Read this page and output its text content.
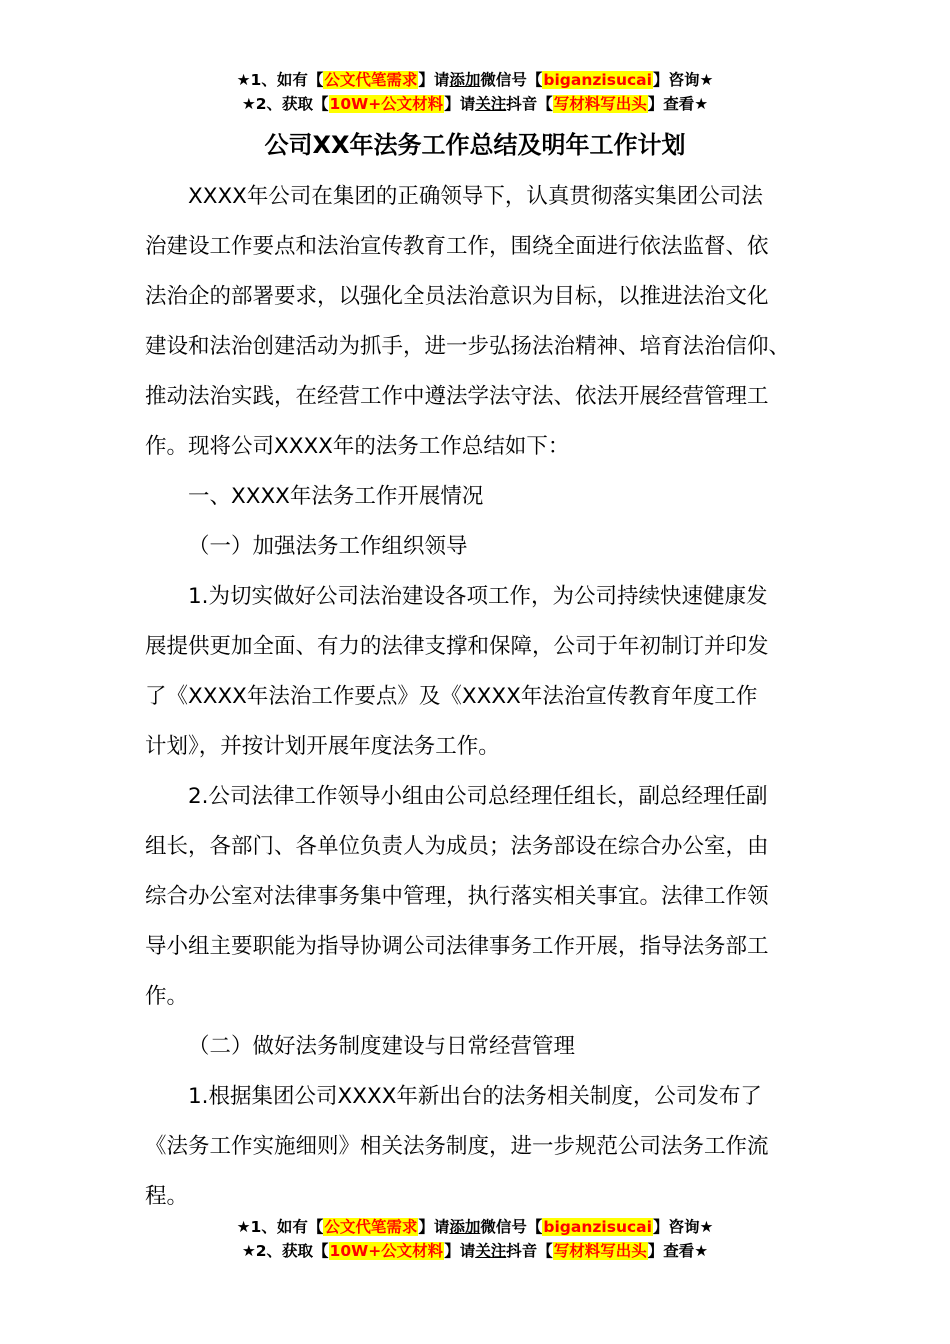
★1、如有【公文代笔需求】请添加微信号【biganzisucai】咨询★
★2、获取【10W+公文材料】请关注抖音【写材料写出头】查看★
公司XX年法务工作总结及明年工作计划
XXXX年公司在集团的正确领导下，认真贯彻落实集团公司法
治建设工作要点和法治宣传教育工作，围绕全面进行依法监督、依
法治企的部署要求，以强化全员法治意识为目标，以推进法治文化
建设和法治创建活动为抓手，进一步弘扬法治精神、培育法治信仰、
推动法治实践，在经营工作中遵法学法守法、依法开展经营管理工
作。现将公司XXXX年的法务工作总结如下：
一、XXXX年法务工作开展情况
（一）加强法务工作组织领导
1.为切实做好公司法治建设各项工作，为公司持续快速健康发
展提供更加全面、有力的法律支撑和保障，公司于年初制订并印发
了《XXXX年法治工作要点》及《XXXX年法治宣传教育年度工作
计划》，并按计划开展年度法务工作。
2.公司法律工作领导小组由公司总经理任组长，副总经理任副
组长，各部门、各单位负责人为成员；法务部设在综合办公室，由
综合办公室对法律事务集中管理，执行落实相关事宜。法律工作领
导小组主要职能为指导协调公司法律事务工作开展，指导法务部工
作。
（二）做好法务制度建设与日常经营管理
1.根据集团公司XXXX年新出台的法务相关制度，公司发布了
《法务工作实施细则》相关法务制度，进一步规范公司法务工作流
程。
★1、如有【公文代笔需求】请添加微信号【biganzisucai】咨询★
★2、获取【10W+公文材料】请关注抖音【写材料写出头】查看★
